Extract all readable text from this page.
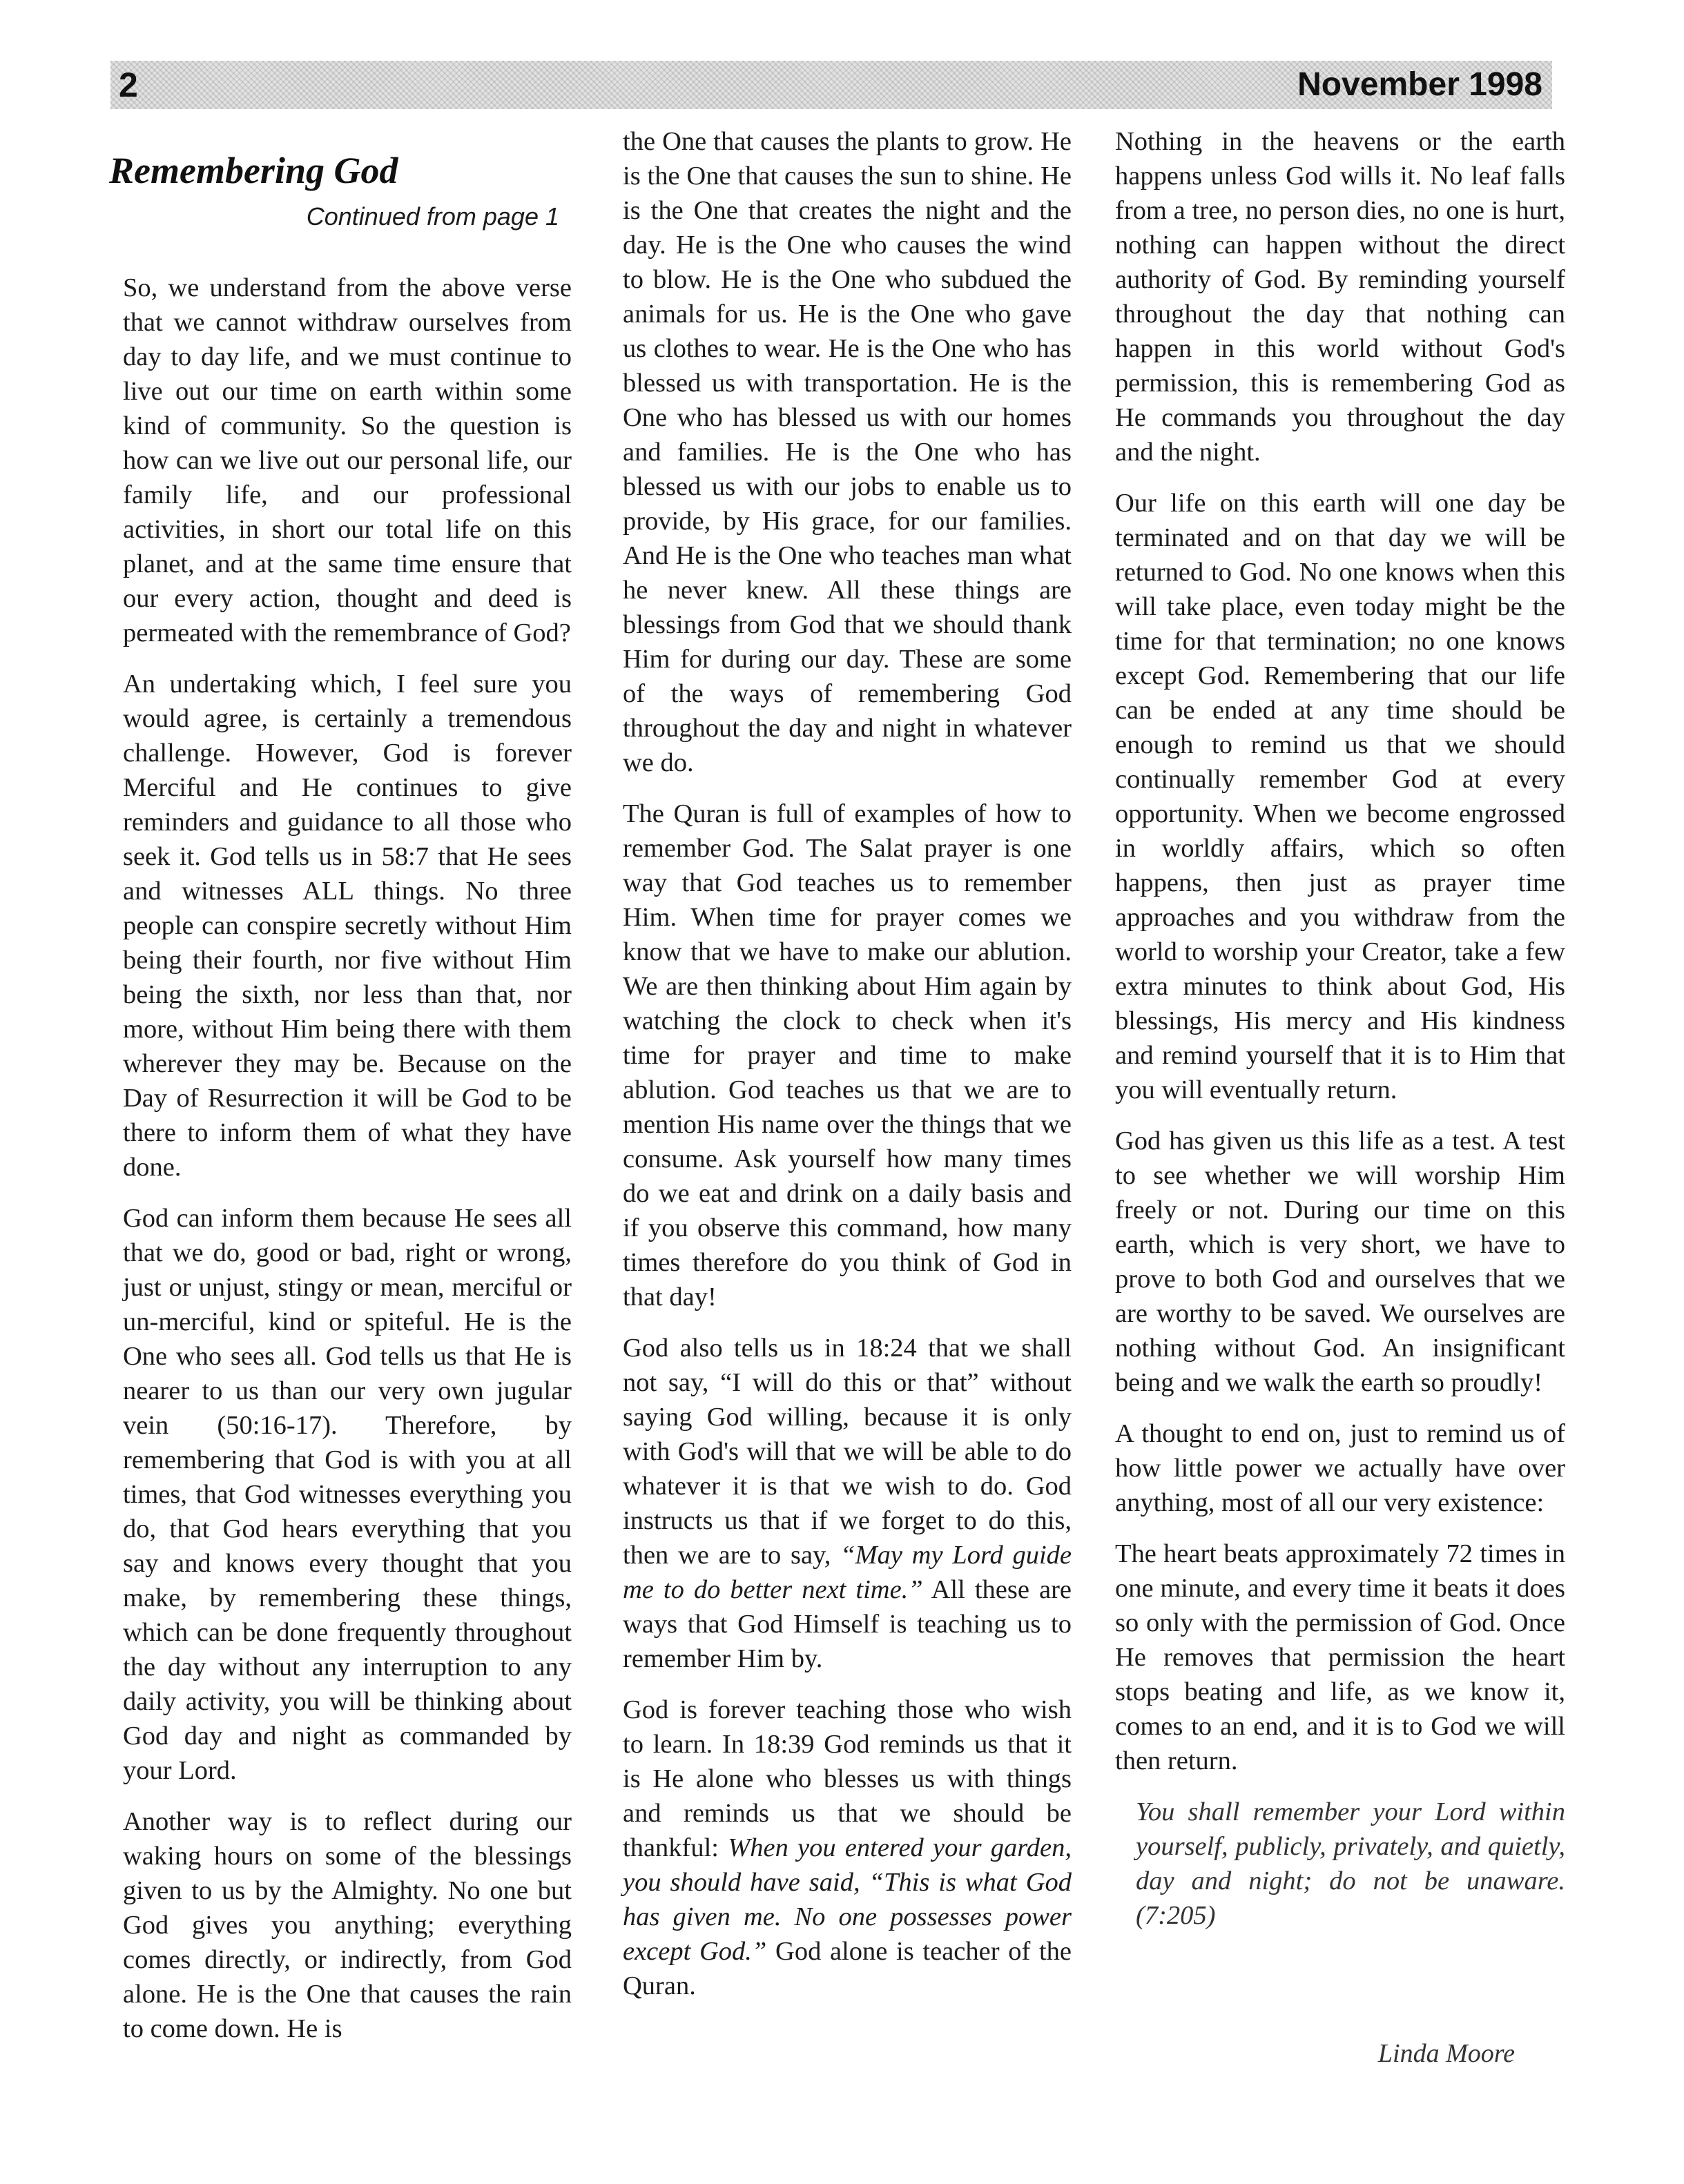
2	November 1998
Remembering God
Continued from page 1

So, we understand from the above verse that we cannot withdraw ourselves from day to day life, and we must continue to live out our time on earth within some kind of community. So the question is how can we live out our personal life, our family life, and our professional activities, in short our total life on this planet, and at the same time ensure that our every action, thought and deed is permeated with the remembrance of God?

An undertaking which, I feel sure you would agree, is certainly a tremendous challenge. However, God is forever Merciful and He continues to give reminders and guidance to all those who seek it. God tells us in 58:7 that He sees and witnesses ALL things. No three people can conspire secretly without Him being their fourth, nor five without Him being the sixth, nor less than that, nor more, without Him being there with them wherever they may be. Because on the Day of Resurrection it will be God to be there to inform them of what they have done.

God can inform them because He sees all that we do, good or bad, right or wrong, just or unjust, stingy or mean, merciful or un-merciful, kind or spiteful. He is the One who sees all. God tells us that He is nearer to us than our very own jugular vein (50:16-17). Therefore, by remembering that God is with you at all times, that God witnesses everything you do, that God hears everything that you say and knows every thought that you make, by remembering these things, which can be done frequently throughout the day without any interruption to any daily activity, you will be thinking about God day and night as commanded by your Lord.

Another way is to reflect during our waking hours on some of the blessings given to us by the Almighty. No one but God gives you anything; everything comes directly, or indirectly, from God alone. He is the One that causes the rain to come down. He is

the One that causes the plants to grow. He is the One that causes the sun to shine. He is the One that creates the night and the day. He is the One who causes the wind to blow. He is the One who subdued the animals for us. He is the One who gave us clothes to wear. He is the One who has blessed us with transportation. He is the One who has blessed us with our homes and families. He is the One who has blessed us with our jobs to enable us to provide, by His grace, for our families. And He is the One who teaches man what he never knew. All these things are blessings from God that we should thank Him for during our day. These are some of the ways of remembering God throughout the day and night in whatever we do.

The Quran is full of examples of how to remember God. The Salat prayer is one way that God teaches us to remember Him. When time for prayer comes we know that we have to make our ablution. We are then thinking about Him again by watching the clock to check when it's time for prayer and time to make ablution. God teaches us that we are to mention His name over the things that we consume. Ask yourself how many times do we eat and drink on a daily basis and if you observe this command, how many times therefore do you think of God in that day!

God also tells us in 18:24 that we shall not say, “I will do this or that” without saying God willing, because it is only with God's will that we will be able to do whatever it is that we wish to do. God instructs us that if we forget to do this, then we are to say, “May my Lord guide me to do better next time.” All these are ways that God Himself is teaching us to remember Him by.

God is forever teaching those who wish to learn. In 18:39 God reminds us that it is He alone who blesses us with things and reminds us that we should be thankful: When you entered your garden, you should have said, “This is what God has given me. No one possesses power except God.” God alone is teacher of the Quran.

Nothing in the heavens or the earth happens unless God wills it. No leaf falls from a tree, no person dies, no one is hurt, nothing can happen without the direct authority of God. By reminding yourself throughout the day that nothing can happen in this world without God's permission, this is remembering God as He commands you throughout the day and the night.

Our life on this earth will one day be terminated and on that day we will be returned to God. No one knows when this will take place, even today might be the time for that termination; no one knows except God. Remembering that our life can be ended at any time should be enough to remind us that we should continually remember God at every opportunity. When we become engrossed in worldly affairs, which so often happens, then just as prayer time approaches and you withdraw from the world to worship your Creator, take a few extra minutes to think about God, His blessings, His mercy and His kindness and remind yourself that it is to Him that you will eventually return.

God has given us this life as a test. A test to see whether we will worship Him freely or not. During our time on this earth, which is very short, we have to prove to both God and ourselves that we are worthy to be saved. We ourselves are nothing without God. An insignificant being and we walk the earth so proudly!

A thought to end on, just to remind us of how little power we actually have over anything, most of all our very existence:

The heart beats approximately 72 times in one minute, and every time it beats it does so only with the permission of God. Once He removes that permission the heart stops beating and life, as we know it, comes to an end, and it is to God we will then return.

You shall remember your Lord within yourself, publicly, privately, and quietly, day and night; do not be unaware. (7:205)

Linda Moore
